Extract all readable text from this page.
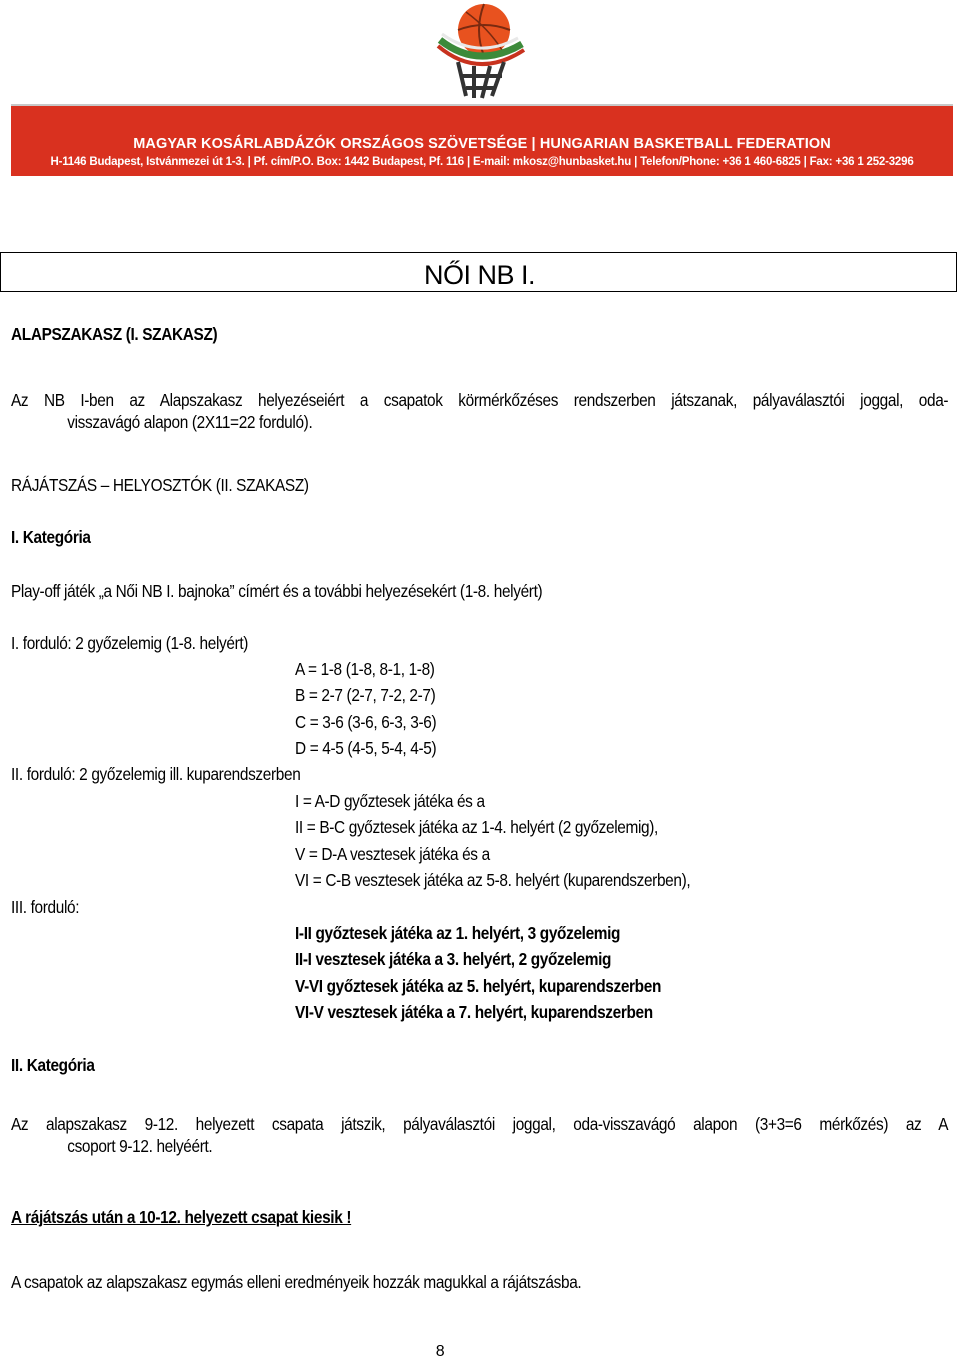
MAGYAR KOSÁRLABDÁZÓK ORSZÁGOS SZÖVETSÉGE | HUNGARIAN BASKETBALL FEDERATION
H-1146 Budapest, Istvánmezei út 1-3. | Pf. cím/P.O. Box: 1442 Budapest, Pf. 116 | E-mail: mkosz@hunbasket.hu | Telefon/Phone: +36 1 460-6825 | Fax: +36 1 252-3296
NŐI NB I.
ALAPSZAKASZ (I. SZAKASZ)
Az NB I-ben az Alapszakasz helyezéseiért a csapatok körmérkőzéses rendszerben játszanak, pályaválasztói joggal, oda-
visszavágó alapon (2X11=22 forduló).
RÁJÁTSZÁS – HELYOSZTÓK (II. SZAKASZ)
I. Kategória
Play-off játék „a Női NB I. bajnoka” címért és a további helyezésekért (1-8. helyért)
I. forduló: 2 győzelemig (1-8. helyért)
A = 1-8 (1-8, 8-1, 1-8)
B = 2-7 (2-7, 7-2, 2-7)
C = 3-6 (3-6, 6-3, 3-6)
D = 4-5 (4-5, 5-4, 4-5)
II. forduló: 2 győzelemig ill. kuparendszerben
I = A-D győztesek játéka és a
II = B-C győztesek játéka az 1-4. helyért (2 győzelemig),
V = D-A vesztesek játéka és a
VI = C-B vesztesek játéka az 5-8. helyért (kuparendszerben),
III. forduló:
I-II győztesek játéka az 1. helyért, 3 győzelemig
II-I vesztesek játéka a 3. helyért, 2 győzelemig
V-VI győztesek játéka az 5. helyért, kuparendszerben
VI-V vesztesek játéka a 7. helyért, kuparendszerben
II. Kategória
Az alapszakasz 9-12. helyezett csapata játszik, pályaválasztói joggal, oda-visszavágó alapon (3+3=6 mérkőzés) az A
csoport 9-12. helyéért.
A rájátszás után a 10-12. helyezett csapat kiesik !
A csapatok az alapszakasz egymás elleni eredményeik hozzák magukkal a rájátszásba.
8
